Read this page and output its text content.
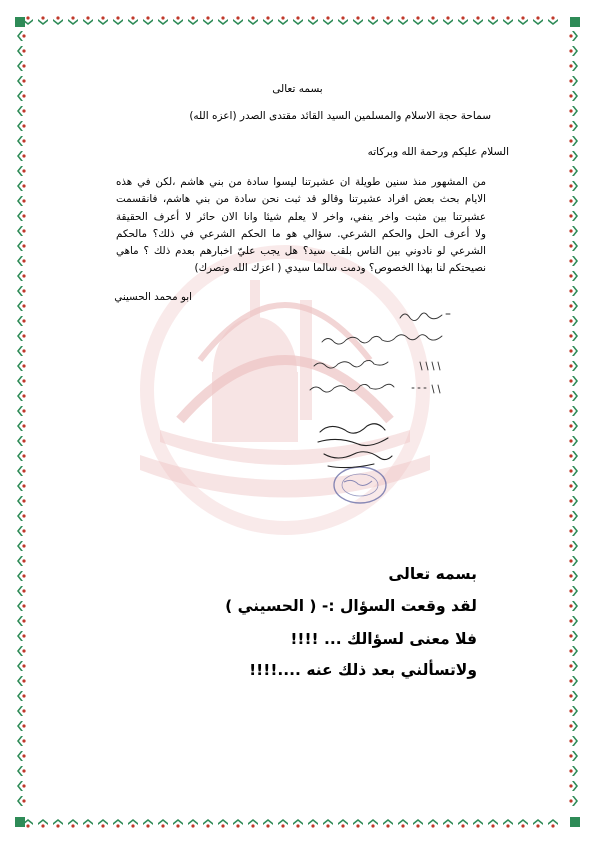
بسمه تعالى
سماحة حجة الاسلام والمسلمين السيد القائد مقتدى الصدر (اعزه الله)
السلام عليكم ورحمة الله وبركاته
من المشهور منذ سنين طويلة ان عشيرتنا ليسوا سادة من بني هاشم ،لكن في هذه
الايام بحث بعض افراد عشيرتنا وقالو قد ثبت نحن سادة من بني هاشم، فانقسمت
عشيرتنا بين مثبت واخر ينفي، واخر لا يعلم شيئا وانا الان حائر لا أعرف الحقيقة
ولا أعرف الحل والحكم الشرعي. سؤالي هو ما الحكم الشرعي في ذلك؟ مالحكم
الشرعي لو نادوني بين الناس بلقب سيد؟ هل يجب عليّ اخبارهم بعدم ذلك ؟ ماهي
نصيحتكم لنا بهذا الخصوص؟ ودمت سالما سيدي ( اعزك الله ونصرك)
ابو محمد الحسيني
بسمه تعالى
لقد وقعت السؤال :- ( الحسيني )
فلا معنى لسؤالك ... !!!!
ولاتسألني بعد ذلك عنه ....!!!!
